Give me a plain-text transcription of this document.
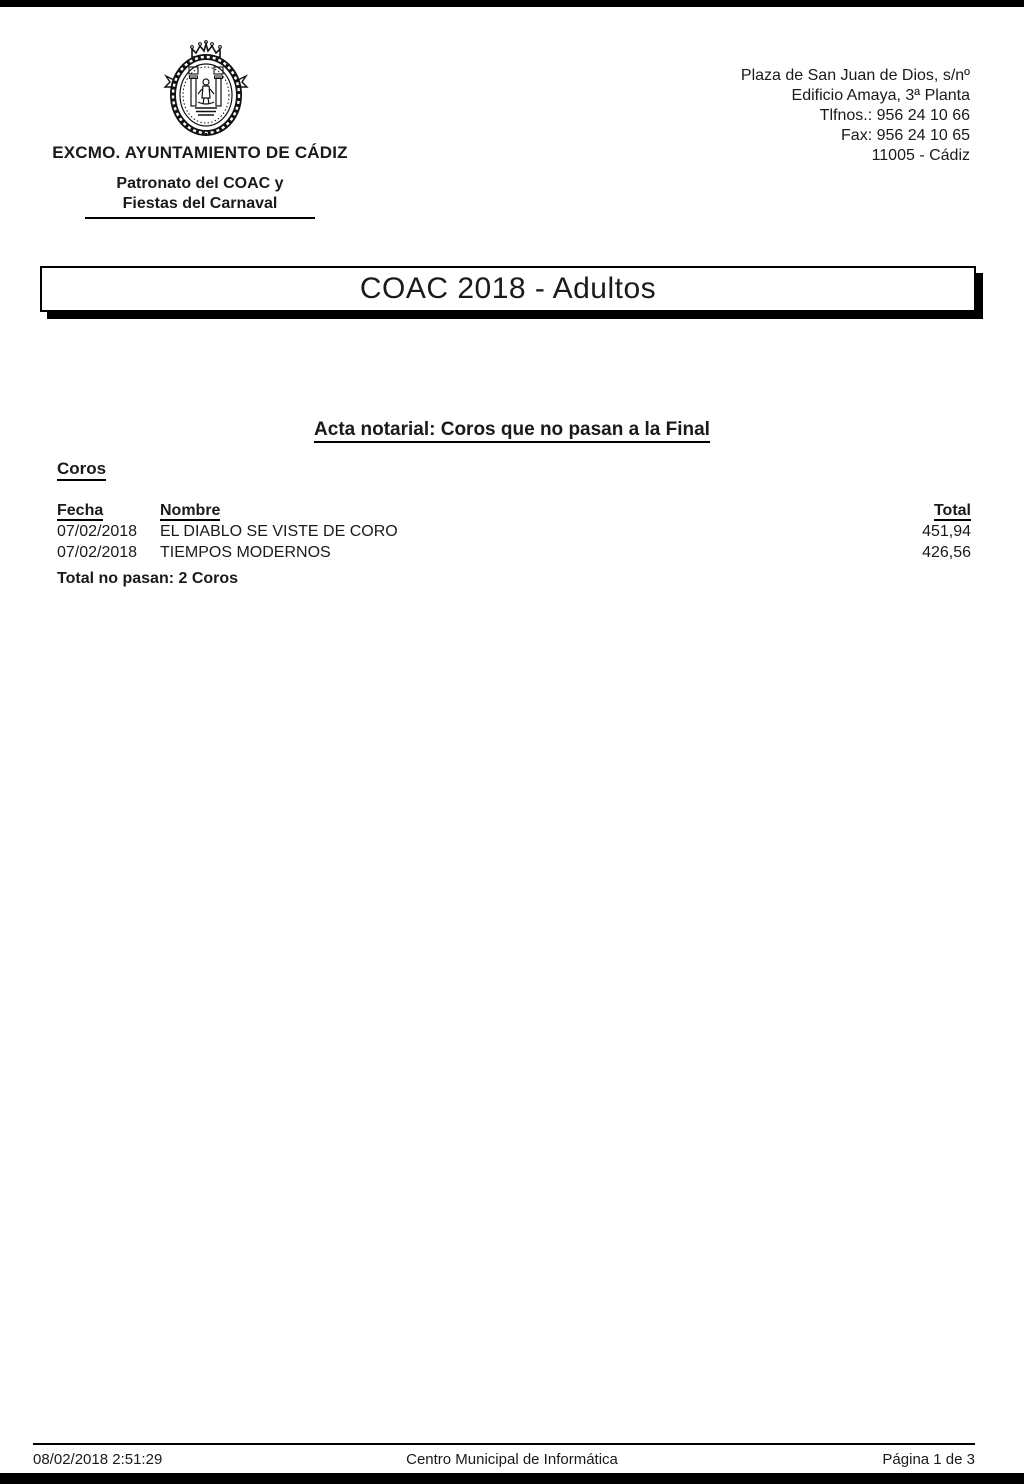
EXCMO. AYUNTAMIENTO DE CÁDIZ
Patronato del COAC y
Fiestas del Carnaval
Plaza de San Juan de Dios, s/nº
Edificio Amaya, 3ª Planta
Tlfnos.: 956 24 10 66
Fax: 956 24 10 65
11005 - Cádiz
COAC 2018 - Adultos
Acta notarial: Coros que no pasan a la Final
Coros
Fecha	Nombre	Total
07/02/2018	EL DIABLO SE VISTE DE CORO	451,94
07/02/2018	TIEMPOS MODERNOS	426,56
Total no pasan: 2 Coros
08/02/2018 2:51:29	Centro Municipal de Informática	Página 1 de 3
